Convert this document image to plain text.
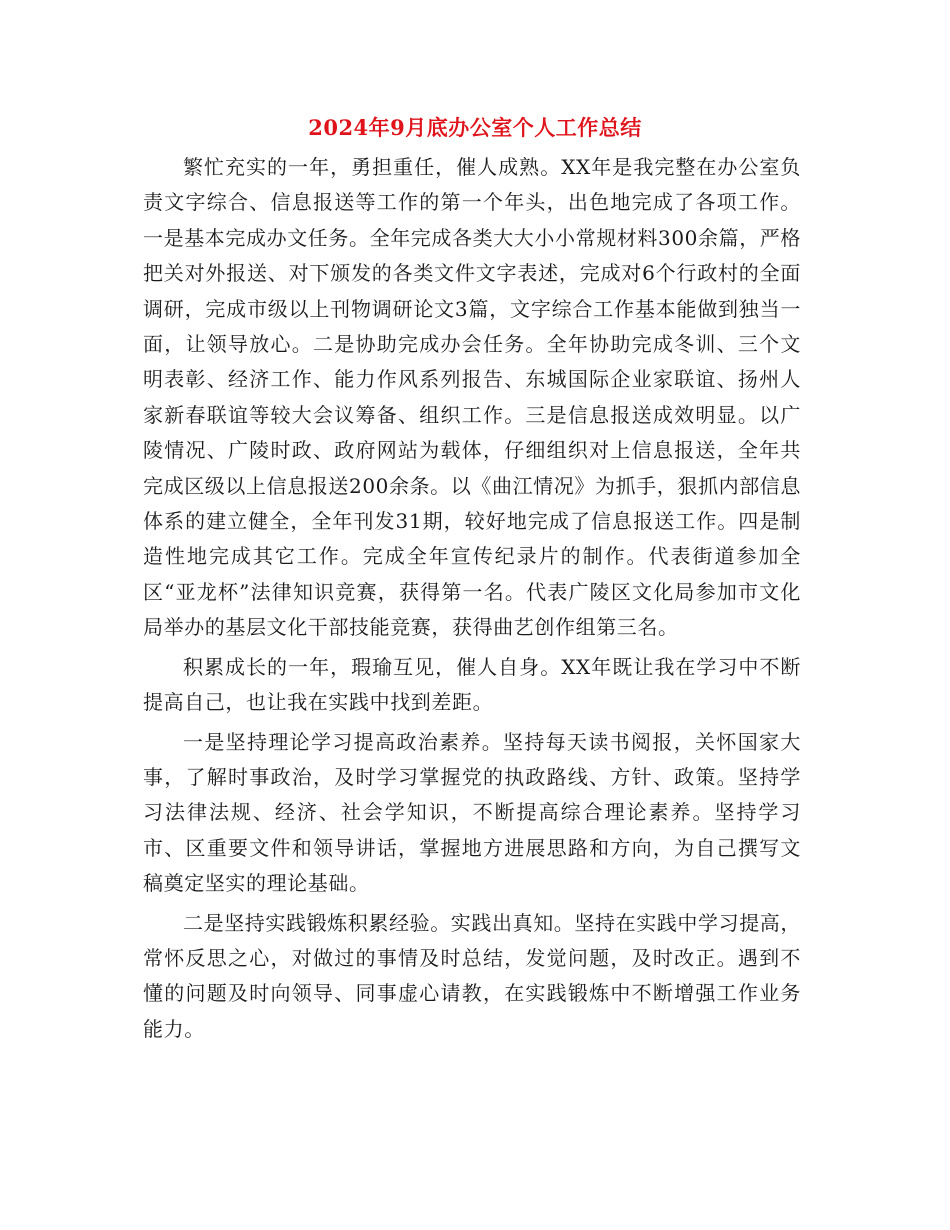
2024年9月底办公室个人工作总结

繁忙充实的一年，勇担重任，催人成熟。XX年是我完整在办公室负责文字综合、信息报送等工作的第一个年头，出色地完成了各项工作。一是基本完成办文任务。全年完成各类大大小小常规材料300余篇，严格把关对外报送、对下颁发的各类文件文字表述，完成对6个行政村的全面调研，完成市级以上刊物调研论文3篇，文字综合工作基本能做到独当一面，让领导放心。二是协助完成办会任务。全年协助完成冬训、三个文明表彰、经济工作、能力作风系列报告、东城国际企业家联谊、扬州人家新春联谊等较大会议筹备、组织工作。三是信息报送成效明显。以广陵情况、广陵时政、政府网站为载体，仔细组织对上信息报送，全年共完成区级以上信息报送200余条。以《曲江情况》为抓手，狠抓内部信息体系的建立健全，全年刊发31期，较好地完成了信息报送工作。四是制造性地完成其它工作。完成全年宣传纪录片的制作。代表街道参加全区“亚龙杯”法律知识竞赛，获得第一名。代表广陵区文化局参加市文化局举办的基层文化干部技能竞赛，获得曲艺创作组第三名。

积累成长的一年，瑕瑜互见，催人自身。XX年既让我在学习中不断提高自己，也让我在实践中找到差距。

一是坚持理论学习提高政治素养。坚持每天读书阅报，关怀国家大事，了解时事政治，及时学习掌握党的执政路线、方针、政策。坚持学习法律法规、经济、社会学知识，不断提高综合理论素养。坚持学习市、区重要文件和领导讲话，掌握地方进展思路和方向，为自己撰写文稿奠定坚实的理论基础。

二是坚持实践锻炼积累经验。实践出真知。坚持在实践中学习提高，常怀反思之心，对做过的事情及时总结，发觉问题，及时改正。遇到不懂的问题及时向领导、同事虚心请教，在实践锻炼中不断增强工作业务能力。
